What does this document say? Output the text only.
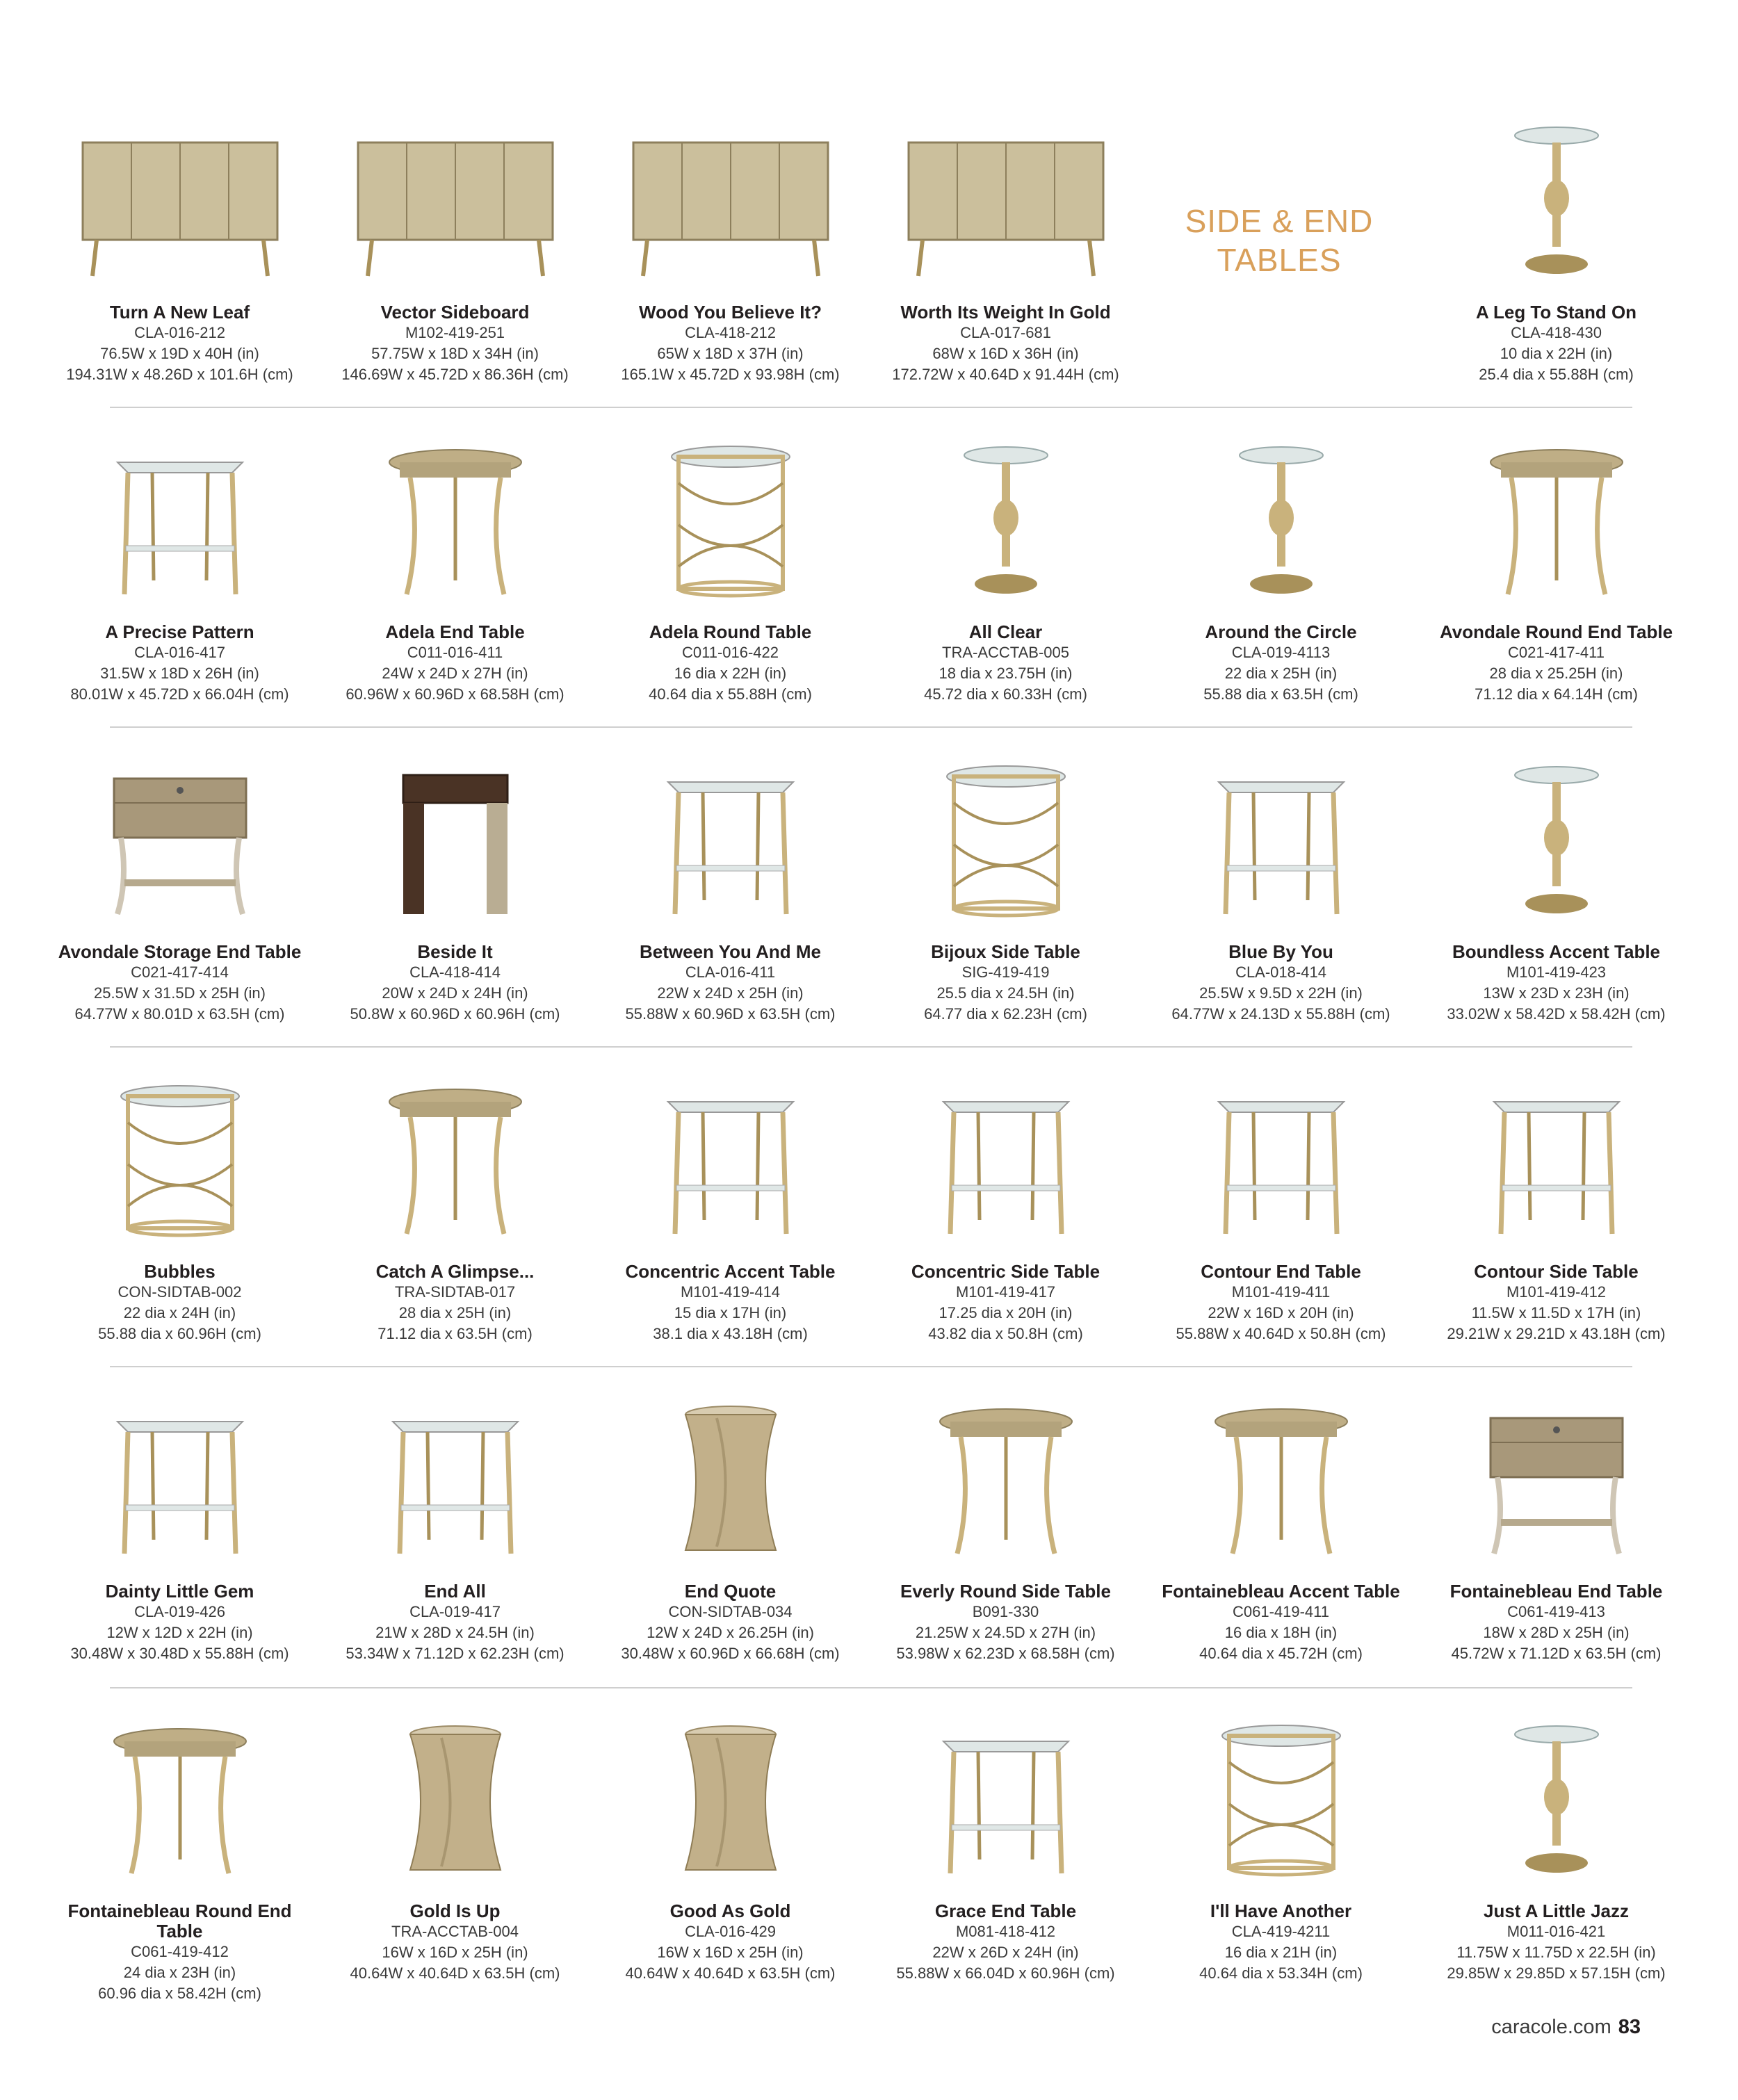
SIDE & END
TABLES
Turn A New Leaf
CLA-016-212
76.5W x 19D x 40H (in)
194.31W x 48.26D x 101.6H (cm)
Vector Sideboard
M102-419-251
57.75W x 18D x 34H (in)
146.69W x 45.72D x 86.36H (cm)
Wood You Believe It?
CLA-418-212
65W x 18D x 37H (in)
165.1W x 45.72D x 93.98H (cm)
Worth Its Weight In Gold
CLA-017-681
68W x 16D x 36H (in)
172.72W x 40.64D x 91.44H (cm)
A Leg To Stand On
CLA-418-430
10 dia x 22H (in)
25.4 dia x 55.88H (cm)
A Precise Pattern
CLA-016-417
31.5W x 18D x 26H (in)
80.01W x 45.72D x 66.04H (cm)
Adela End Table
C011-016-411
24W x 24D x 27H (in)
60.96W x 60.96D x 68.58H (cm)
Adela Round Table
C011-016-422
16 dia x 22H (in)
40.64 dia x 55.88H (cm)
All Clear
TRA-ACCTAB-005
18 dia x 23.75H (in)
45.72 dia x 60.33H (cm)
Around the Circle
CLA-019-4113
22 dia x 25H (in)
55.88 dia x 63.5H (cm)
Avondale Round End Table
C021-417-411
28 dia x 25.25H (in)
71.12 dia x 64.14H (cm)
Avondale Storage End Table
C021-417-414
25.5W x 31.5D x 25H (in)
64.77W x 80.01D x 63.5H (cm)
Beside It
CLA-418-414
20W x 24D x 24H (in)
50.8W x 60.96D x 60.96H (cm)
Between You And Me
CLA-016-411
22W x 24D x 25H (in)
55.88W x 60.96D x 63.5H (cm)
Bijoux Side Table
SIG-419-419
25.5 dia x 24.5H (in)
64.77 dia x 62.23H (cm)
Blue By You
CLA-018-414
25.5W x 9.5D x 22H (in)
64.77W x 24.13D x 55.88H (cm)
Boundless Accent Table
M101-419-423
13W x 23D x 23H (in)
33.02W x 58.42D x 58.42H (cm)
Bubbles
CON-SIDTAB-002
22 dia x 24H (in)
55.88 dia x 60.96H (cm)
Catch A Glimpse...
TRA-SIDTAB-017
28 dia x 25H (in)
71.12 dia x 63.5H (cm)
Concentric Accent Table
M101-419-414
15 dia x 17H (in)
38.1 dia x 43.18H (cm)
Concentric Side Table
M101-419-417
17.25 dia x 20H (in)
43.82 dia x 50.8H (cm)
Contour End Table
M101-419-411
22W x 16D x 20H (in)
55.88W x 40.64D x 50.8H (cm)
Contour Side Table
M101-419-412
11.5W x 11.5D x 17H (in)
29.21W x 29.21D x 43.18H (cm)
Dainty Little Gem
CLA-019-426
12W x 12D x 22H (in)
30.48W x 30.48D x 55.88H (cm)
End All
CLA-019-417
21W x 28D x 24.5H (in)
53.34W x 71.12D x 62.23H (cm)
End Quote
CON-SIDTAB-034
12W x 24D x 26.25H (in)
30.48W x 60.96D x 66.68H (cm)
Everly Round Side Table
B091-330
21.25W x 24.5D x 27H (in)
53.98W x 62.23D x 68.58H (cm)
Fontainebleau Accent Table
C061-419-411
16 dia x 18H (in)
40.64 dia x 45.72H (cm)
Fontainebleau End Table
C061-419-413
18W x 28D x 25H (in)
45.72W x 71.12D x 63.5H (cm)
Fontainebleau Round End Table
C061-419-412
24 dia x 23H (in)
60.96 dia x 58.42H (cm)
Gold Is Up
TRA-ACCTAB-004
16W x 16D x 25H (in)
40.64W x 40.64D x 63.5H (cm)
Good As Gold
CLA-016-429
16W x 16D x 25H (in)
40.64W x 40.64D x 63.5H (cm)
Grace End Table
M081-418-412
22W x 26D x 24H (in)
55.88W x 66.04D x 60.96H (cm)
I'll Have Another
CLA-419-4211
16 dia x 21H (in)
40.64 dia x 53.34H (cm)
Just A Little Jazz
M011-016-421
11.75W x 11.75D x 22.5H (in)
29.85W x 29.85D x 57.15H (cm)
caracole.com 83
